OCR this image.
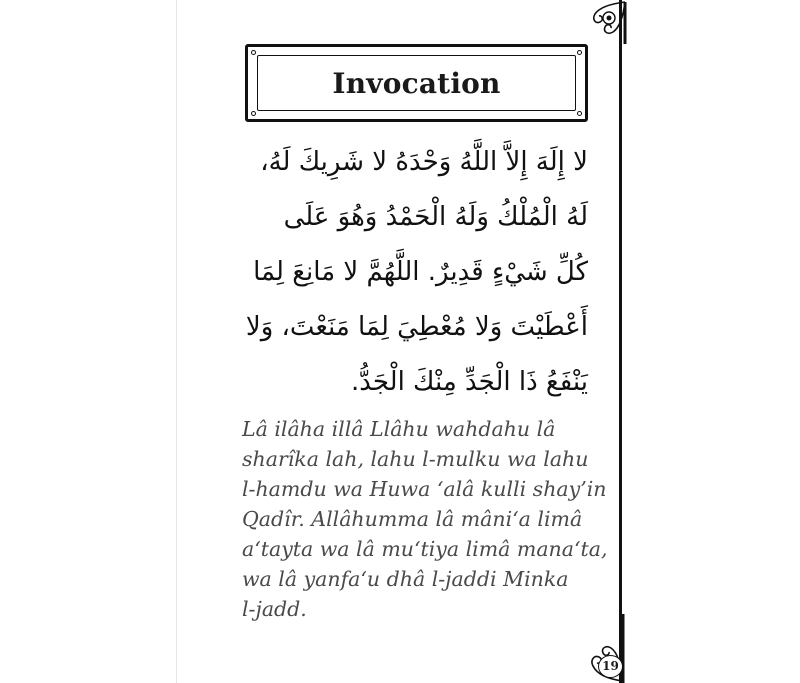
Invocation
لا إِلَهَ إِلاَّ اللَّهُ وَحْدَهُ لا شَرِيكَ لَهُ،
لَهُ الْمُلْكُ وَلَهُ الْحَمْدُ وَهُوَ عَلَى
كُلِّ شَيْءٍ قَدِيرٌ. اللَّهُمَّ لا مَانِعَ لِمَا
أَعْطَيْتَ وَلا مُعْطِيَ لِمَا مَنَعْتَ، وَلا
يَنْفَعُ ذَا الْجَدِّ مِنْكَ الْجَدُّ.
Lâ ilâha illâ Llâhu wahdahu lâ
sharîka lah, lahu l-mulku wa lahu
l-hamdu wa Huwa ‘alâ kulli shay’in
Qadîr. Allâhumma lâ mâni‘a limâ
a‘tayta wa lâ mu‘tiya limâ mana‘ta,
wa lâ yanfa‘u dhâ l-jaddi Minka
l-jadd.
19
